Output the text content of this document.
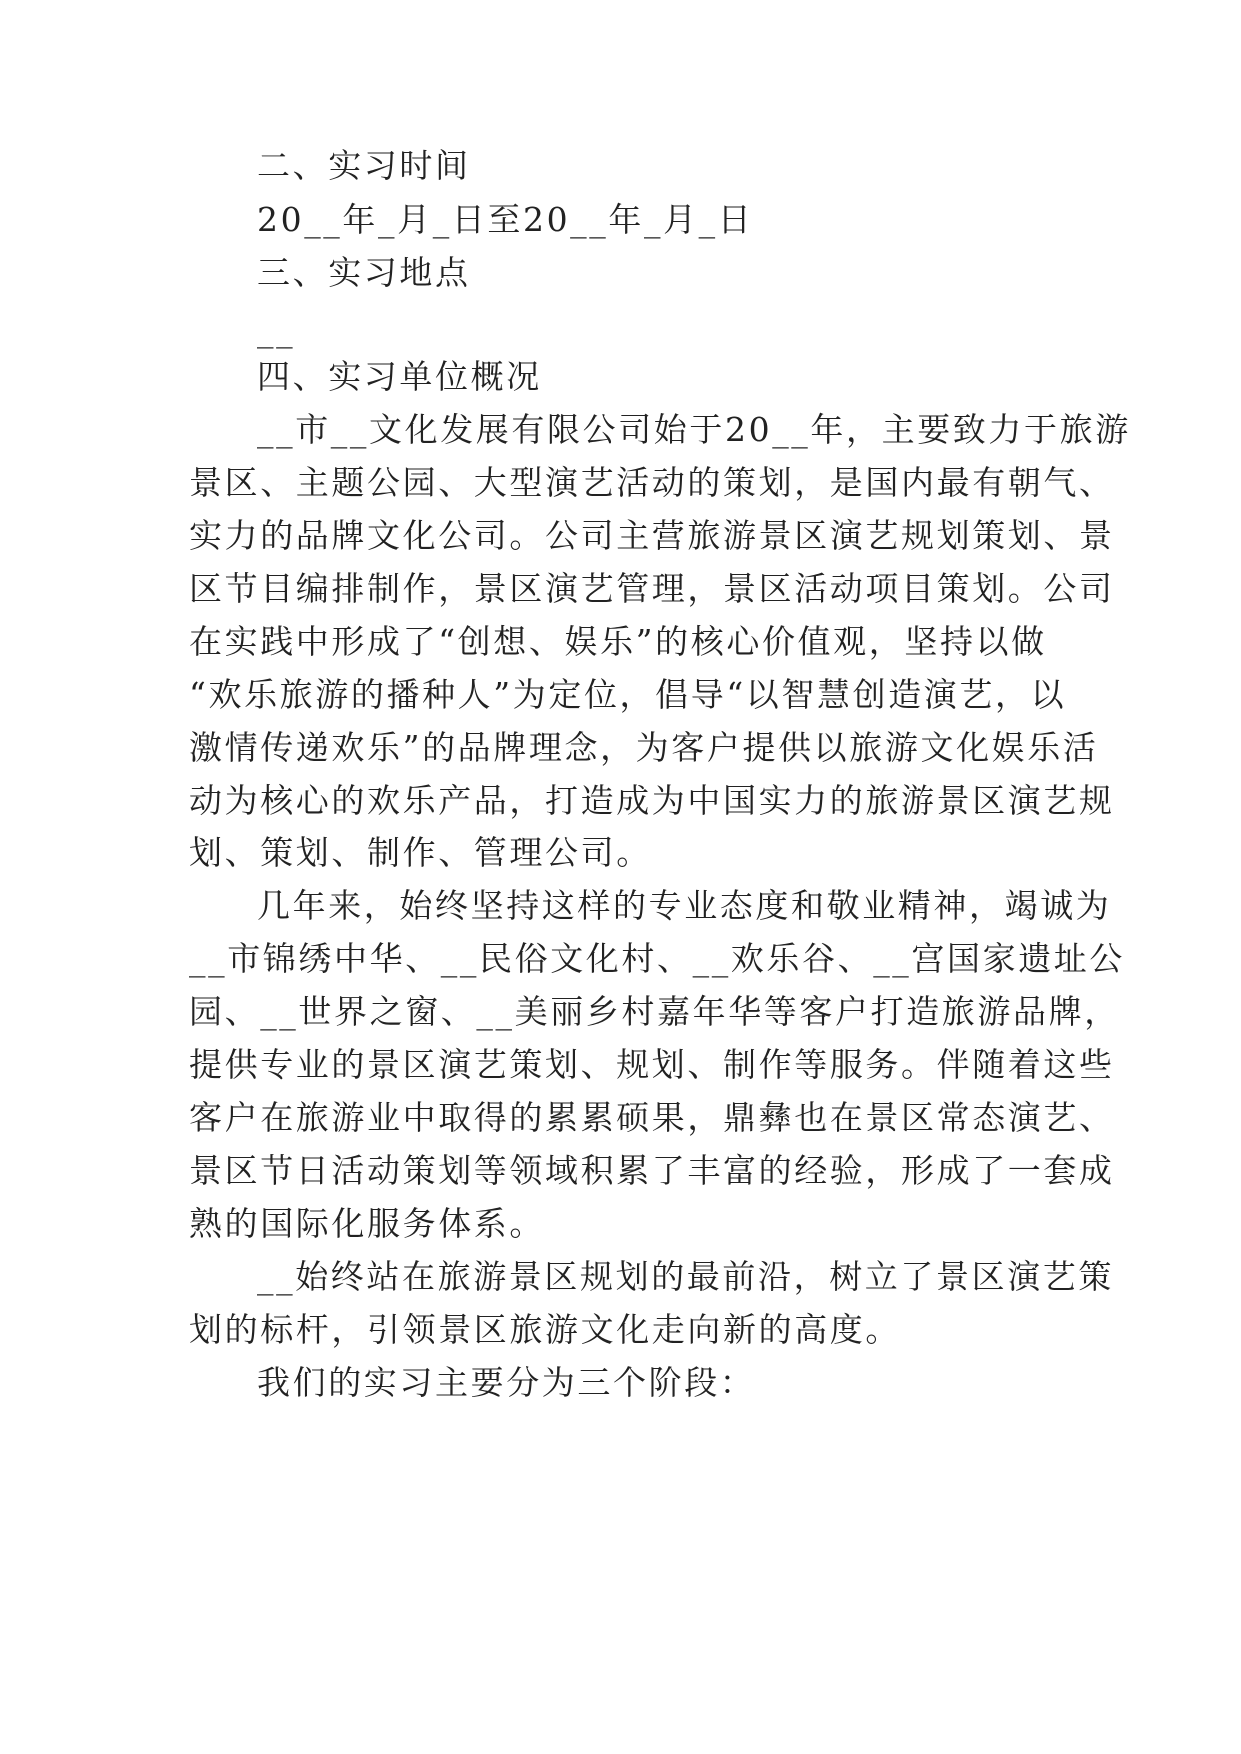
二、实习时间
20__年_月_日至20__年_月_日
三、实习地点
__
四、实习单位概况
__市__文化发展有限公司始于20__年，主要致力于旅游
景区、主题公园、大型演艺活动的策划，是国内最有朝气、
实力的品牌文化公司。公司主营旅游景区演艺规划策划、景
区节目编排制作，景区演艺管理，景区活动项目策划。公司
在实践中形成了“创想、娱乐”的核心价值观，坚持以做
“欢乐旅游的播种人”为定位，倡导“以智慧创造演艺，以
激情传递欢乐”的品牌理念，为客户提供以旅游文化娱乐活
动为核心的欢乐产品，打造成为中国实力的旅游景区演艺规
划、策划、制作、管理公司。
几年来，始终坚持这样的专业态度和敬业精神，竭诚为
__市锦绣中华、__民俗文化村、__欢乐谷、__宫国家遗址公
园、__世界之窗、__美丽乡村嘉年华等客户打造旅游品牌，
提供专业的景区演艺策划、规划、制作等服务。伴随着这些
客户在旅游业中取得的累累硕果，鼎彝也在景区常态演艺、
景区节日活动策划等领域积累了丰富的经验，形成了一套成
熟的国际化服务体系。
__始终站在旅游景区规划的最前沿，树立了景区演艺策
划的标杆，引领景区旅游文化走向新的高度。
我们的实习主要分为三个阶段：
